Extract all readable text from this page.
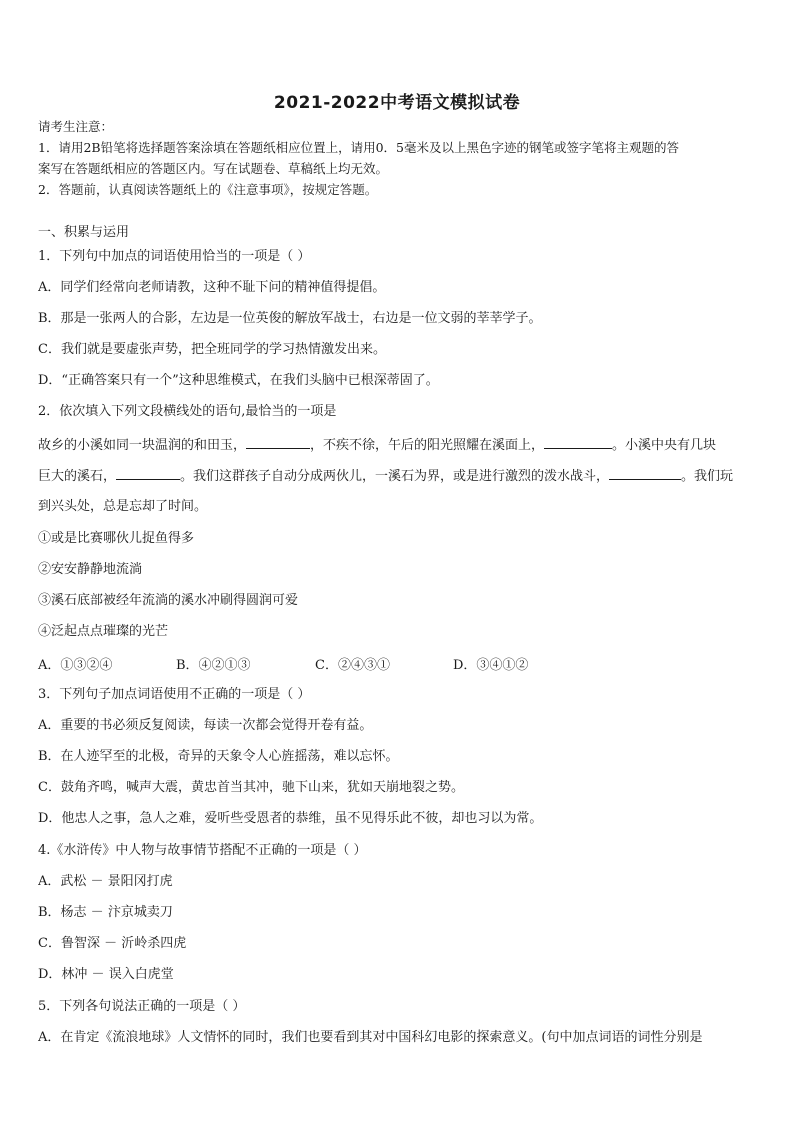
2021-2022中考语文模拟试卷
请考生注意：
1．请用2B铅笔将选择题答案涂填在答题纸相应位置上，请用0．5毫米及以上黑色字迹的钢笔或签字笔将主观题的答
案写在答题纸相应的答题区内。写在试题卷、草稿纸上均无效。
2．答题前，认真阅读答题纸上的《注意事项》，按规定答题。
一、积累与运用
1．下列句中加点的词语使用恰当的一项是（ ）
A．同学们经常向老师请教，这种不耻下问的精神值得提倡。
B．那是一张两人的合影，左边是一位英俊的解放军战士，右边是一位文弱的莘莘学子。
C．我们就是要虚张声势，把全班同学的学习热情激发出来。
D．“正确答案只有一个”这种思维模式，在我们头脑中已根深蒂固了。
2．依次填入下列文段横线处的语句,最恰当的一项是
故乡的小溪如同一块温润的和田玉，	，不疾不徐，午后的阳光照耀在溪面上，	。小溪中央有几块
巨大的溪石，	。我们这群孩子自动分成两伙儿，一溪石为界，或是进行激烈的泼水战斗，	。我们玩
到兴头处，总是忘却了时间。
①或是比赛哪伙儿捉鱼得多
②安安静静地流淌
③溪石底部被经年流淌的溪水冲刷得圆润可爱
④泛起点点璀璨的光芒
A．①③②④	B．④②①③	C．②④③①	D．③④①②
3．下列句子加点词语使用不正确的一项是（ ）
A．重要的书必须反复阅读，每读一次都会觉得开卷有益。
B．在人迹罕至的北极，奇异的天象令人心旌摇荡，难以忘怀。
C．鼓角齐鸣，喊声大震，黄忠首当其冲，驰下山来，犹如天崩地裂之势。
D．他忠人之事，急人之难，爱听些受恩者的恭维，虽不见得乐此不彼，却也习以为常。
4.《水浒传》中人物与故事情节搭配不正确的一项是（ ）
A．武松 － 景阳冈打虎
B．杨志 － 汴京城卖刀
C．鲁智深 － 沂岭杀四虎
D．林冲 － 误入白虎堂
5．下列各句说法正确的一项是（ ）
A．在肯定《流浪地球》人文情怀的同时，我们也要看到其对中国科幻电影的探索意义。(句中加点词语的词性分别是
